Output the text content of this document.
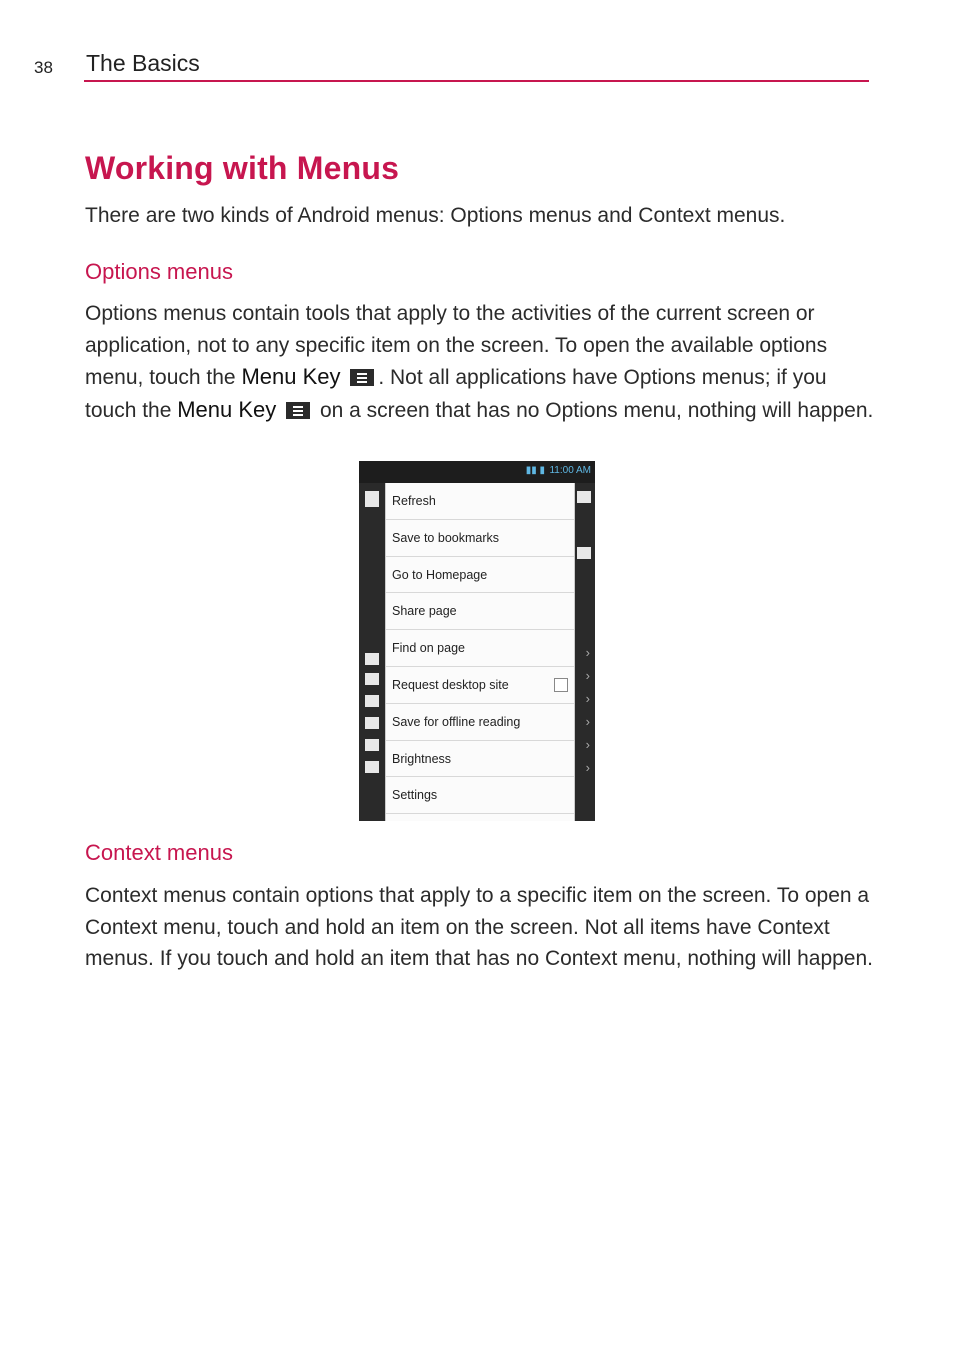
38 The Basics
Working with Menus

There are two kinds of Android menus: Options menus and Context menus.

Options menus

Options menus contain tools that apply to the activities of the current screen or application, not to any specific item on the screen. To open the available options menu, touch the Menu Key . Not all applications have Options menus; if you touch the Menu Key
on a screen that has no Options menu, nothing will happen.

▮▮ ▮ 11:00 AM
›
›
›
›
›
›
Refresh
Save to bookmarks
Go to Homepage
Share page
Find on page
Request desktop site
Save for offline reading
Brightness
Settings
Context menus

Context menus contain options that apply to a specific item on the screen. To open a Context menu, touch and hold an item on the screen. Not all items have Context menus. If you touch and hold an item that has no Context menu, nothing will happen.
